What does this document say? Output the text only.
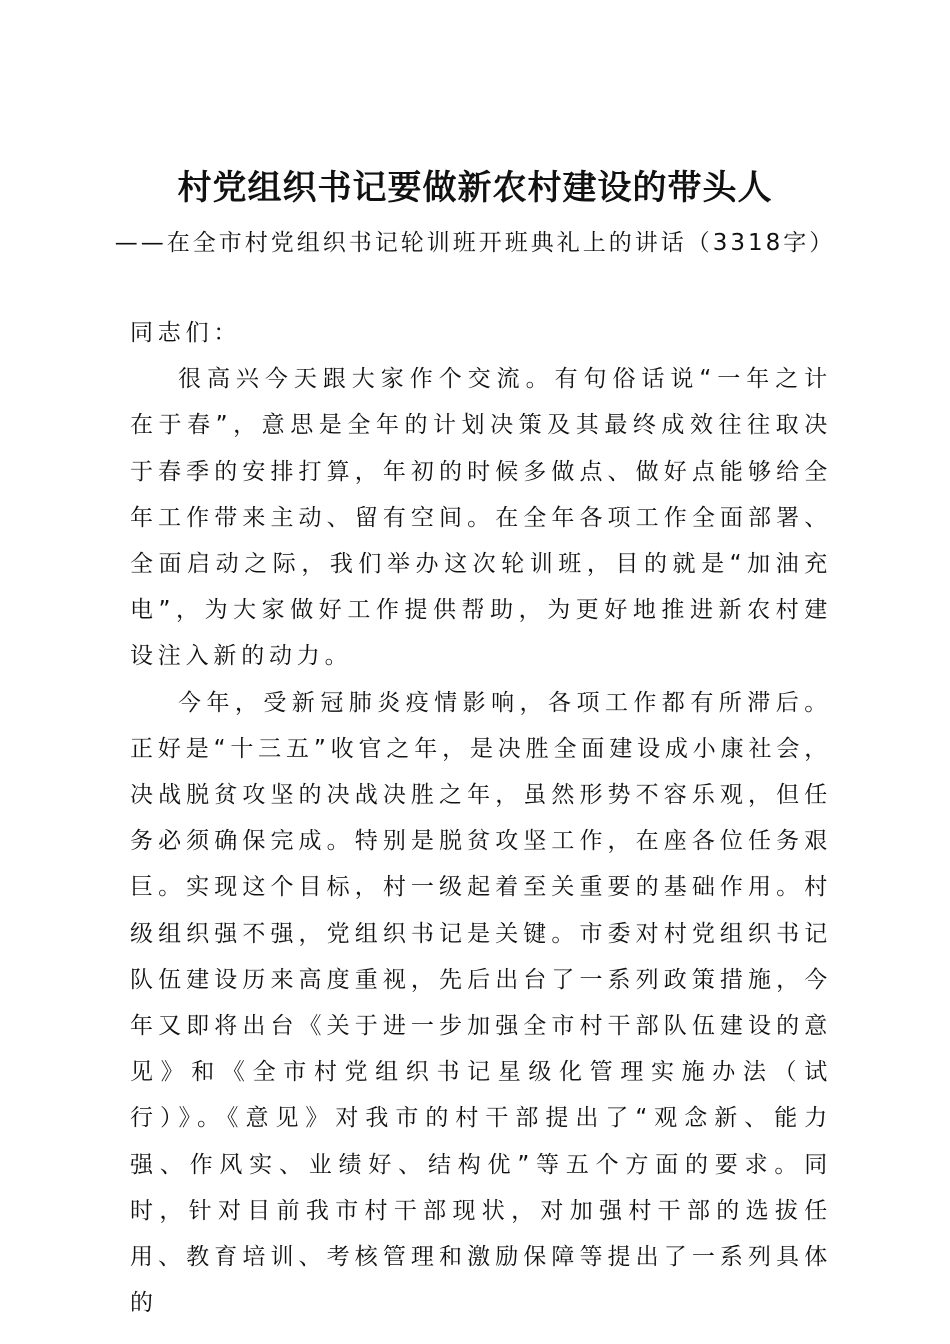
村党组织书记要做新农村建设的带头人
——在全市村党组织书记轮训班开班典礼上的讲话（3318字）

同志们：

很高兴今天跟大家作个交流。有句俗话说“一年之计在于春”，意思是全年的计划决策及其最终成效往往取决于春季的安排打算，年初的时候多做点、做好点能够给全年工作带来主动、留有空间。在全年各项工作全面部署、全面启动之际，我们举办这次轮训班，目的就是“加油充电”，为大家做好工作提供帮助，为更好地推进新农村建设注入新的动力。

今年，受新冠肺炎疫情影响，各项工作都有所滞后。正好是“十三五”收官之年，是决胜全面建设成小康社会，决战脱贫攻坚的决战决胜之年，虽然形势不容乐观，但任务必须确保完成。特别是脱贫攻坚工作，在座各位任务艰巨。实现这个目标，村一级起着至关重要的基础作用。村级组织强不强，党组织书记是关键。市委对村党组织书记队伍建设历来高度重视，先后出台了一系列政策措施，今年又即将出台《关于进一步加强全市村干部队伍建设的意见》和《全市村党组织书记星级化管理实施办法（试行）》。《意见》对我市的村干部提出了“观念新、能力强、作风实、业绩好、结构优”等五个方面的要求。同时，针对目前我市村干部现状，对加强村干部的选拔任用、教育培训、考核管理和激励保障等提出了一系列具体的
